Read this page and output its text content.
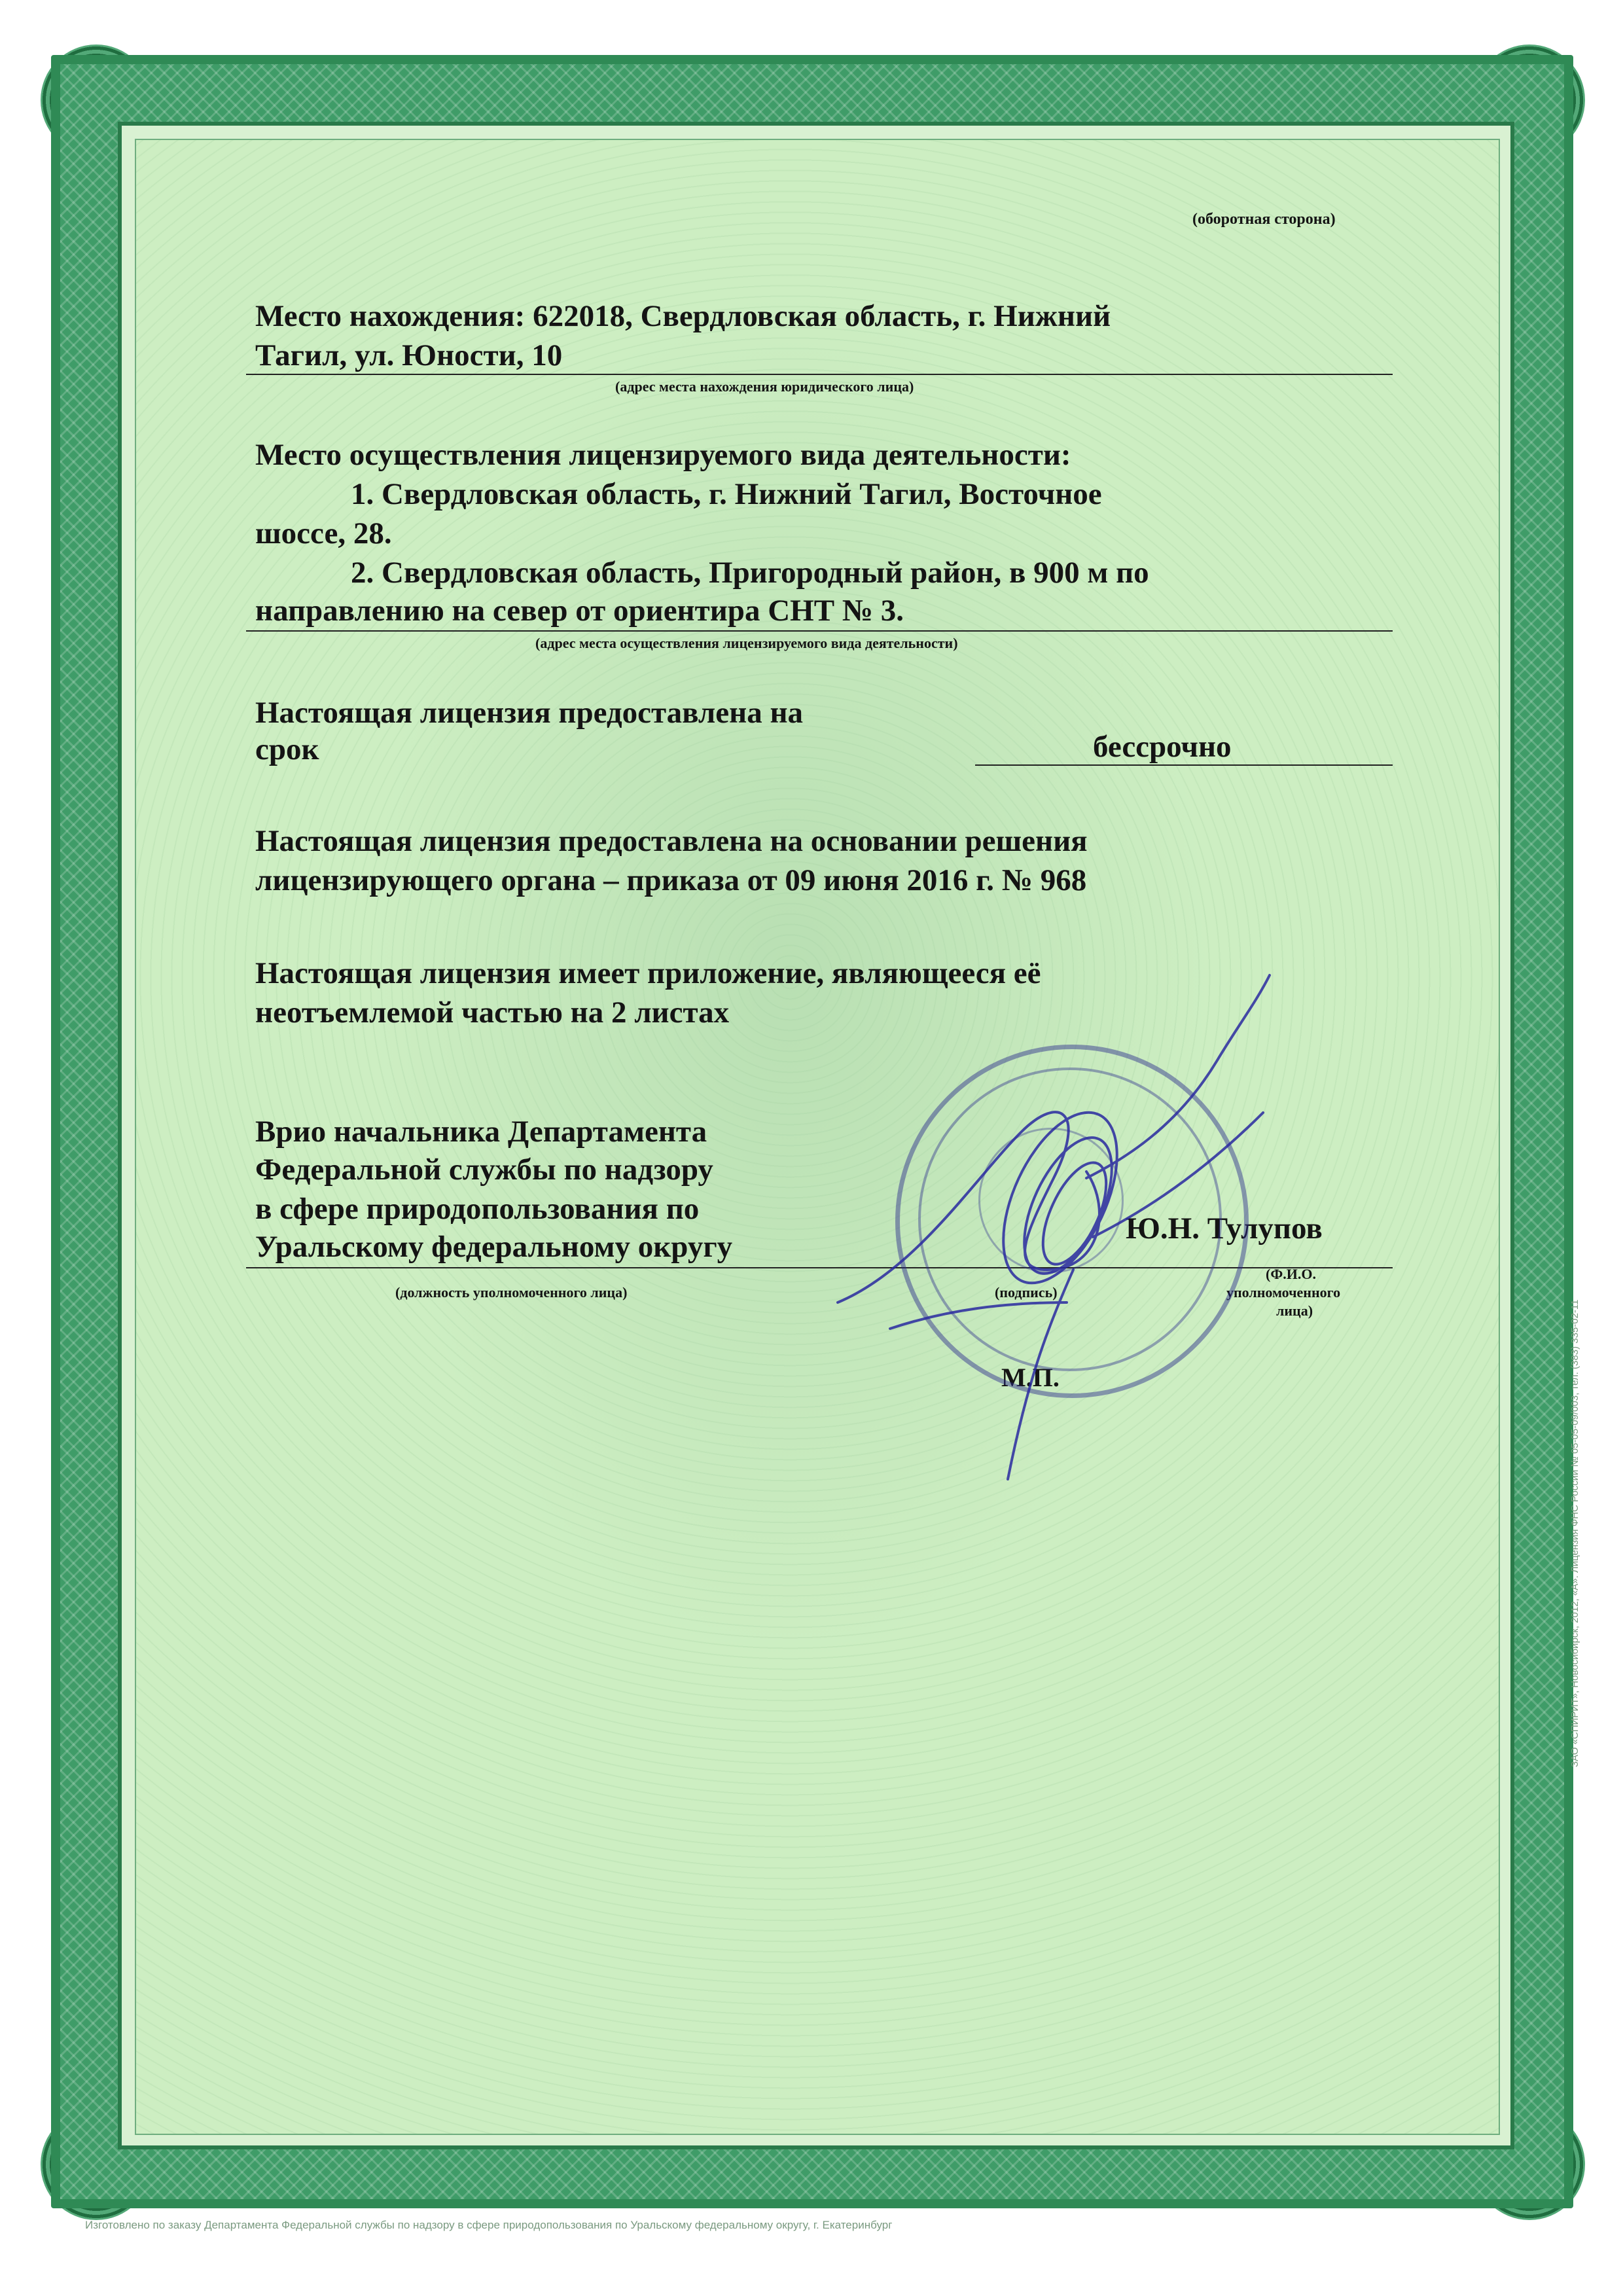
(оборотная сторона)
Место нахождения: 622018, Свердловская область, г. Нижний
Тагил, ул. Юности, 10
(адрес места нахождения юридического лица)
Место осуществления лицензируемого вида деятельности:
1. Свердловская область, г. Нижний Тагил, Восточное
шоссе, 28.
2. Свердловская область, Пригородный район, в 900 м по
направлению на север от ориентира СНТ № 3.
(адрес места осуществления лицензируемого вида деятельности)
Настоящая лицензия предоставлена на
срок	бессрочно
Настоящая лицензия предоставлена на основании решения
лицензирующего органа – приказа от 09 июня 2016 г. № 968
Настоящая лицензия имеет приложение, являющееся её
неотъемлемой частью на 2 листах
Врио начальника Департамента
Федеральной службы по надзору
в сфере природопользования по
Уральскому федеральному округу
Ю.Н. Тулупов
(должность уполномоченного лица)	(подпись)
(Ф.И.О.
уполномоченного
лица)
М.П.
Изготовлено по заказу Департамента Федеральной службы по надзору в сфере природопользования по Уральскому федеральному округу, г. Екатеринбург
ЗАО «СПИРИТ», Новосибирск, 2012, «А». Лицензия ФНС России № 05-05-09/003, тел. (383) 335-02-11
